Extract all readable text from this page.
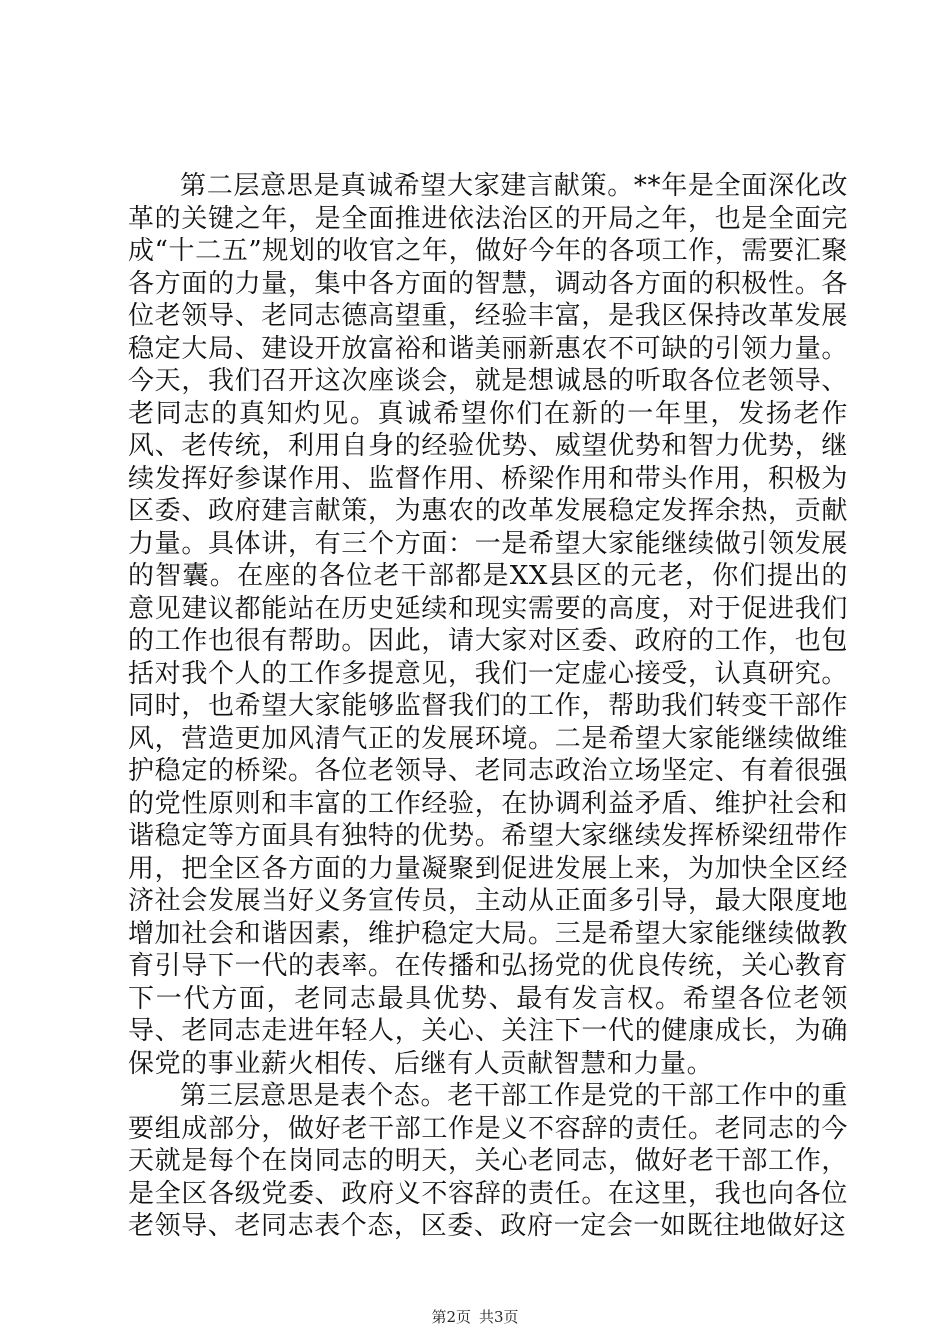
第二层意思是真诚希望大家建言献策。**年是全面深化改革的关键之年，是全面推进依法治区的开局之年，也是全面完成“十二五”规划的收官之年，做好今年的各项工作，需要汇聚各方面的力量，集中各方面的智慧，调动各方面的积极性。各位老领导、老同志德高望重，经验丰富，是我区保持改革发展稳定大局、建设开放富裕和谐美丽新惠农不可缺的引领力量。今天，我们召开这次座谈会，就是想诚恳的听取各位老领导、老同志的真知灼见。真诚希望你们在新的一年里，发扬老作风、老传统，利用自身的经验优势、威望优势和智力优势，继续发挥好参谋作用、监督作用、桥梁作用和带头作用，积极为区委、政府建言献策，为惠农的改革发展稳定发挥余热，贡献力量。具体讲，有三个方面：一是希望大家能继续做引领发展的智囊。在座的各位老干部都是XX县区的元老，你们提出的意见建议都能站在历史延续和现实需要的高度，对于促进我们的工作也很有帮助。因此，请大家对区委、政府的工作，也包括对我个人的工作多提意见，我们一定虚心接受，认真研究。同时，也希望大家能够监督我们的工作，帮助我们转变干部作风，营造更加风清气正的发展环境。二是希望大家能继续做维护稳定的桥梁。各位老领导、老同志政治立场坚定、有着很强的党性原则和丰富的工作经验，在协调利益矛盾、维护社会和谐稳定等方面具有独特的优势。希望大家继续发挥桥梁纽带作用，把全区各方面的力量凝聚到促进发展上来，为加快全区经济社会发展当好义务宣传员，主动从正面多引导，最大限度地增加社会和谐因素，维护稳定大局。三是希望大家能继续做教育引导下一代的表率。在传播和弘扬党的优良传统，关心教育下一代方面，老同志最具优势、最有发言权。希望各位老领导、老同志走进年轻人，关心、关注下一代的健康成长，为确保党的事业薪火相传、后继有人贡献智慧和力量。

第三层意思是表个态。老干部工作是党的干部工作中的重要组成部分，做好老干部工作是义不容辞的责任。老同志的今天就是每个在岗同志的明天，关心老同志，做好老干部工作，是全区各级党委、政府义不容辞的责任。在这里，我也向各位老领导、老同志表个态，区委、政府一定会一如既往地做好这

第2页 共3页
